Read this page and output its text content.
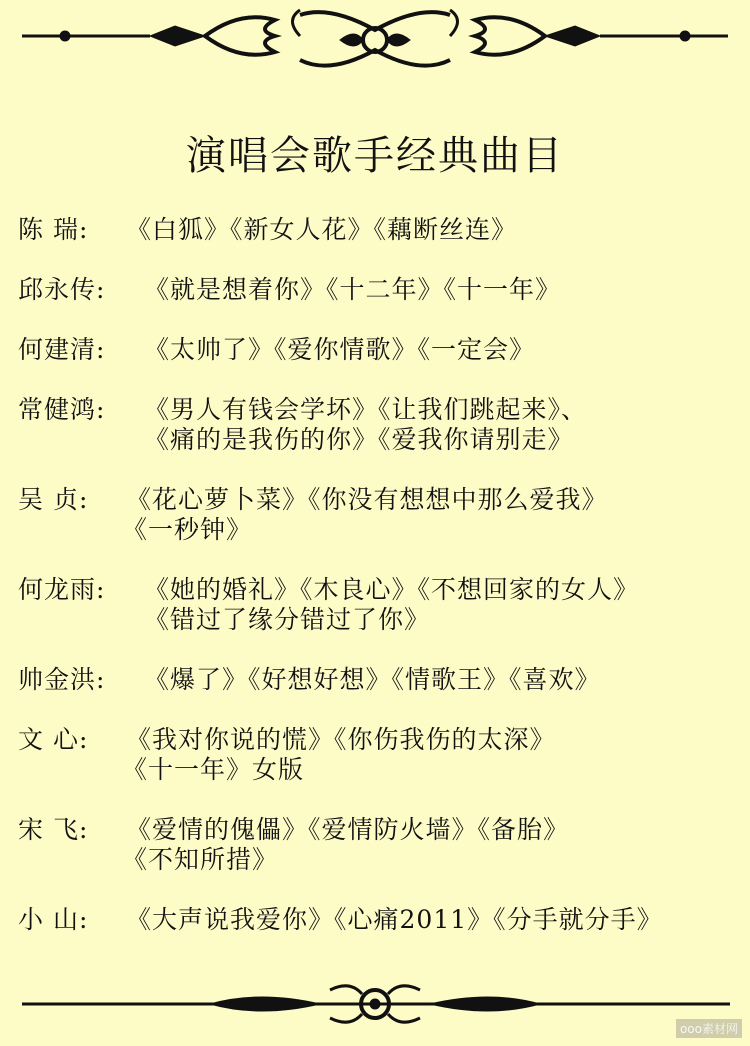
演唱会歌手经典曲目
陈 瑞:	《白狐》《新女人花》《藕断丝连》
邱永传:	《就是想着你》《十二年》《十一年》
何建清:	《太帅了》《爱你情歌》《一定会》
常健鸿:	《男人有钱会学坏》《让我们跳起来》、
《痛的是我伤的你》《爱我你请别走》
吴 贞:	《花心萝卜菜》《你没有想想中那么爱我》
《一秒钟》
何龙雨:	《她的婚礼》《木良心》《不想回家的女人》
《错过了缘分错过了你》
帅金洪:	《爆了》《好想好想》《情歌王》《喜欢》
文 心:	《我对你说的慌》《你伤我伤的太深》
《十一年》女版
宋 飞:	《爱情的傀儡》《爱情防火墙》《备胎》
《不知所措》
小 山:	《大声说我爱你》《心痛2011》《分手就分手》
ooo素材网
